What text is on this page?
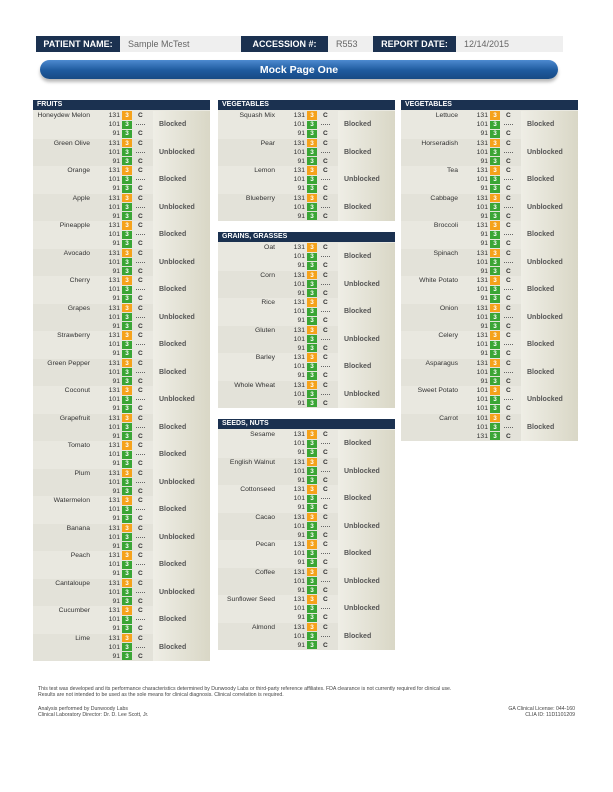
PATIENT NAME:	Sample McTest	ACCESSION #:	R553	REPORT DATE:	12/14/2015
Mock Page One
FRUITS
Honeydew Melon	131 3	C
101 3
91 3	C
Blocked
Green Olive	131 3	C
101 3
91 3	C
Unblocked
Orange	131 3	C
101 3
91 3	C
Blocked
Apple	131 3	C
101 3
91 3	C
Unblocked
Pineapple	131 3	C
101 3
91 3	C
Blocked
Avocado	131 3	C
101 3
91 3	C
Unblocked
Cherry	131 3	C
101 3
91 3	C
Blocked
Grapes	131 3	C
101 3
91 3	C
Unblocked
Strawberry	131 3	C
101 3
91 3	C
Blocked
Green Pepper	131 3	C
101 3
91 3	C
Blocked
Coconut	131 3	C
101 3
91 3	C
Unblocked
Grapefruit	131 3	C
101 3
91 3	C
Blocked
Tomato	131 3	C
101 3
91 3	C
Blocked
Plum	131 3	C
101 3
91 3	C
Unblocked
Watermelon	131 3	C
101 3
91 3	C
Blocked
Banana	131 3	C
101 3
91 3	C
Unblocked
Peach	131 3	C
101 3
91 3	C
Blocked
Cantaloupe	131 3	C
101 3
91 3	C
Unblocked
Cucumber	131 3	C
101 3
91 3	C
Blocked
Lime	131 3	C
101 3
91 3	C
Blocked
VEGETABLES
Squash Mix	131 3	C
101 3
91 3	C
Blocked
Pear	131 3	C
101 3
91 3	C
Blocked
Lemon	131 3	C
101 3
91 3	C
Unblocked
Blueberry	131 3	C
101 3
91 3	C
Blocked
GRAINS, GRASSES
Oat	131 3	C
101 3
91 3	C
Blocked
Corn	131 3	C
101 3
91 3	C
Unblocked
Rice	131 3	C
101 3
91 3	C
Blocked
Gluten	131 3	C
101 3
91 3	C
Unblocked
Barley	131 3	C
101 3
91 3	C
Blocked
Whole Wheat	131 3	C
101 3
91 3	C
Unblocked
SEEDS, NUTS
Sesame	131 3	C
101 3
91 3	C
Blocked
English Walnut	131 3	C
101 3
91 3	C
Unblocked
Cottonseed	131 3	C
101 3
91 3	C
Blocked
Cacao	131 3	C
101 3
91 3	C
Unblocked
Pecan	131 3	C
101 3
91 3	C
Blocked
Coffee	131 3	C
101 3
91 3	C
Unblocked
Sunflower Seed	131 3	C
101 3
91 3	C
Unblocked
Almond	131 3	C
101 3
91 3	C
Blocked
VEGETABLES
Lettuce	131 3	C
101 3
91 3	C
Blocked
Horseradish	131 3	C
101 3
91 3	C
Unblocked
Tea	131 3	C
101 3
91 3	C
Blocked
Cabbage	131 3	C
101 3
91 3	C
Unblocked
Broccoli	131 3	C
91 3
91 3	C
Blocked
Spinach	131 3	C
101 3
91 3	C
Unblocked
White Potato	131 3	C
101 3
91 3	C
Blocked
Onion	131 3	C
101 3
91 3	C
Unblocked
Celery	131 3	C
101 3
91 3	C
Blocked
Asparagus	131 3	C
101 3
91 3	C
Blocked
Sweet Potato	101 3	C
101 3
101 3	C
Unblocked
Carrot	101 3	C
101 3
131 3	C
Blocked
This test was developed and its performance characteristics determined by Dunwoody Labs or third-party reference affiliates. FDA clearance is not currently required for clinical use.
Results are not intended to be used as the sole means for clinical diagnosis. Clinical correlation is required.
Analysis performed by Dunwoody Labs
Clinical Laboratory Director: Dr. D. Lee Scott, Jr.
GA Clinical License: 044-160
CLIA ID: 11D1101209
